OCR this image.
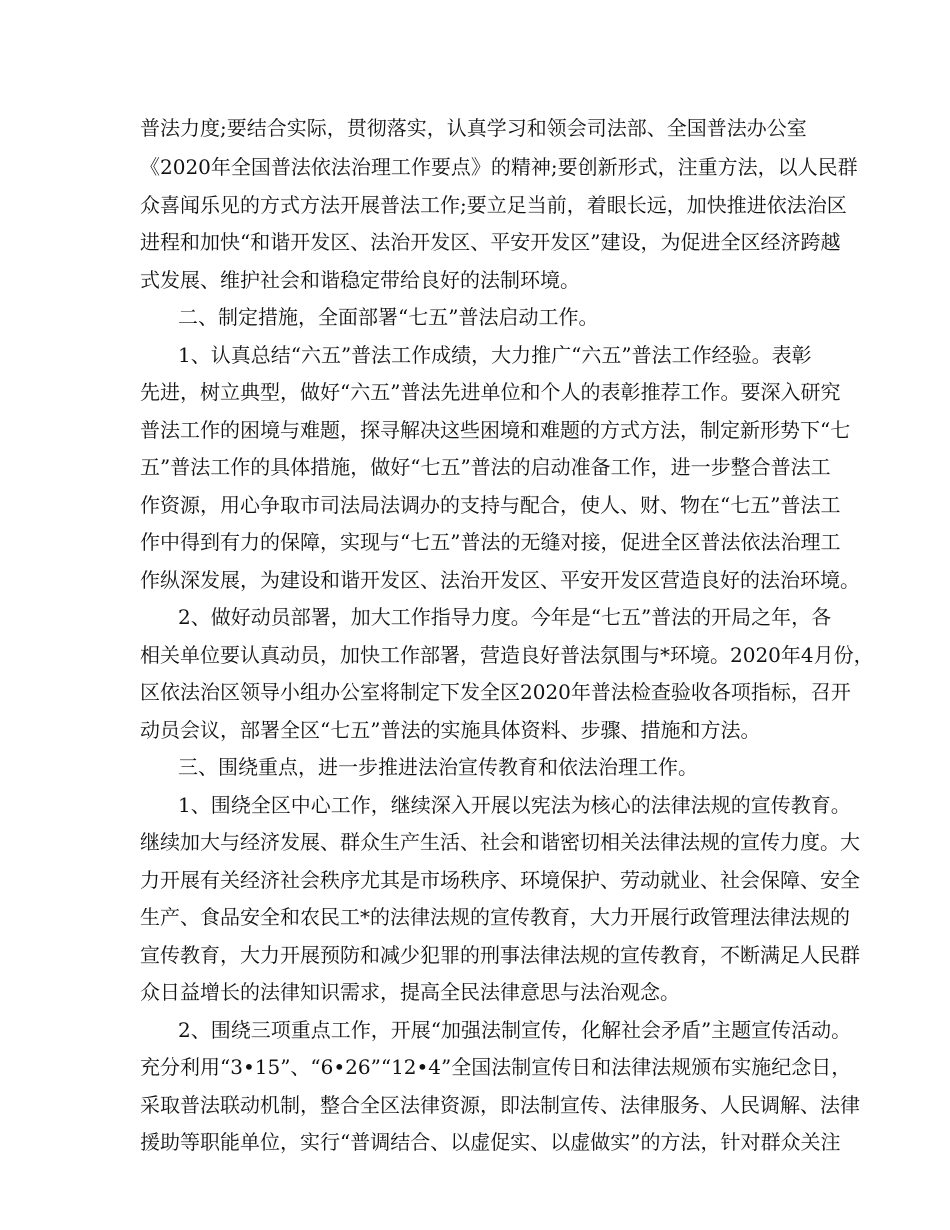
普法力度;要结合实际，贯彻落实，认真学习和领会司法部、全国普法办公室
《2020年全国普法依法治理工作要点》的精神;要创新形式，注重方法，以人民群
众喜闻乐见的方式方法开展普法工作;要立足当前，着眼长远，加快推进依法治区
进程和加快“和谐开发区、法治开发区、平安开发区”建设，为促进全区经济跨越
式发展、维护社会和谐稳定带给良好的法制环境。
二、制定措施，全面部署“七五”普法启动工作。
1、认真总结“六五”普法工作成绩，大力推广“六五”普法工作经验。表彰
先进，树立典型，做好“六五”普法先进单位和个人的表彰推荐工作。要深入研究
普法工作的困境与难题，探寻解决这些困境和难题的方式方法，制定新形势下“七
五”普法工作的具体措施，做好“七五”普法的启动准备工作，进一步整合普法工
作资源，用心争取市司法局法调办的支持与配合，使人、财、物在“七五”普法工
作中得到有力的保障，实现与“七五”普法的无缝对接，促进全区普法依法治理工
作纵深发展，为建设和谐开发区、法治开发区、平安开发区营造良好的法治环境。
2、做好动员部署，加大工作指导力度。今年是“七五”普法的开局之年，各
相关单位要认真动员，加快工作部署，营造良好普法氛围与*环境。2020年4月份，
区依法治区领导小组办公室将制定下发全区2020年普法检查验收各项指标，召开
动员会议，部署全区“七五”普法的实施具体资料、步骤、措施和方法。
三、围绕重点，进一步推进法治宣传教育和依法治理工作。
1、围绕全区中心工作，继续深入开展以宪法为核心的法律法规的宣传教育。
继续加大与经济发展、群众生产生活、社会和谐密切相关法律法规的宣传力度。大
力开展有关经济社会秩序尤其是市场秩序、环境保护、劳动就业、社会保障、安全
生产、食品安全和农民工*的法律法规的宣传教育，大力开展行政管理法律法规的
宣传教育，大力开展预防和减少犯罪的刑事法律法规的宣传教育，不断满足人民群
众日益增长的法律知识需求，提高全民法律意思与法治观念。
2、围绕三项重点工作，开展“加强法制宣传，化解社会矛盾”主题宣传活动。
充分利用“3•15”、“6•26”“12•4”全国法制宣传日和法律法规颁布实施纪念日，
采取普法联动机制，整合全区法律资源，即法制宣传、法律服务、人民调解、法律
援助等职能单位，实行“普调结合、以虚促实、以虚做实”的方法，针对群众关注
